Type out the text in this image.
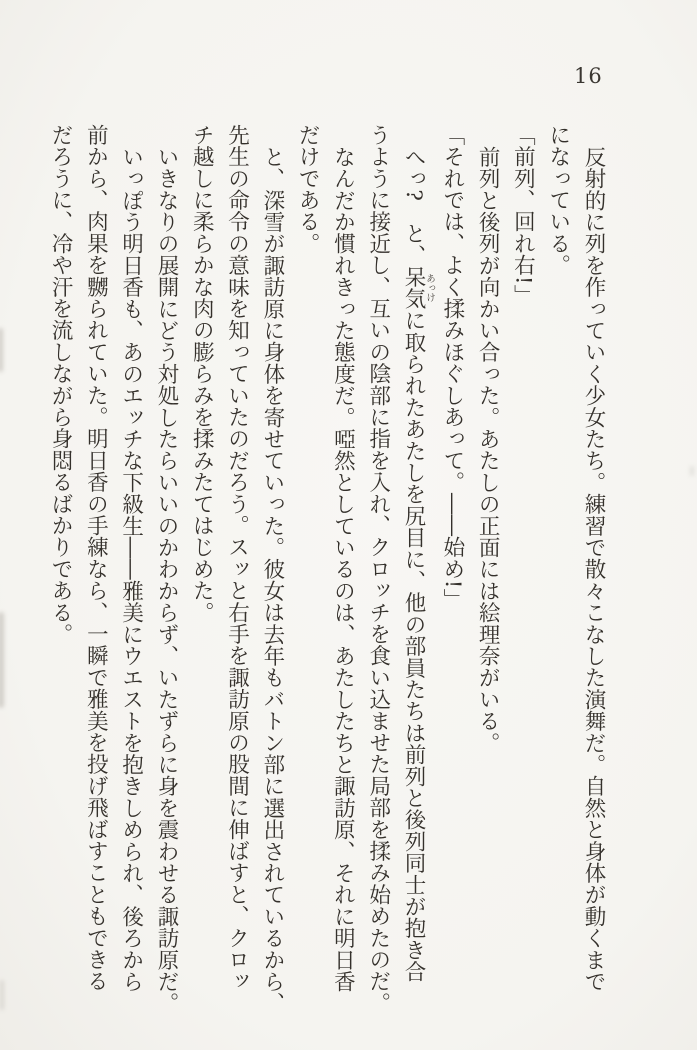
16
反射的に列を作っていく少女たち。練習で散々こなした演舞だ。自然と身体が動くまで
になっている。
「前列、回れ右!」
前列と後列が向かい合った。あたしの正面には絵理奈がいる。
「それでは、よく揉みほぐしあって。――始め!」
へっ?　と、呆気あっけに取られたあたしを尻目に、他の部員たちは前列と後列同士が抱き合
うように接近し、互いの陰部に指を入れ、クロッチを食い込ませた局部を揉み始めたのだ。
なんだか慣れきった態度だ。啞然としているのは、あたしたちと諏訪原、それに明日香
だけである。
と、深雪が諏訪原に身体を寄せていった。彼女は去年もバトン部に選出されているから、
先生の命令の意味を知っていたのだろう。スッと右手を諏訪原の股間に伸ばすと、クロッ
チ越しに柔らかな肉の膨らみを揉みたてはじめた。
いきなりの展開にどう対処したらいいのかわからず、いたずらに身を震わせる諏訪原だ。
いっぽう明日香も、あのエッチな下級生――雅美にウエストを抱きしめられ、後ろから
前から、肉果を嬲られていた。明日香の手練なら、一瞬で雅美を投げ飛ばすこともできる
だろうに、冷や汗を流しながら身悶るばかりである。
